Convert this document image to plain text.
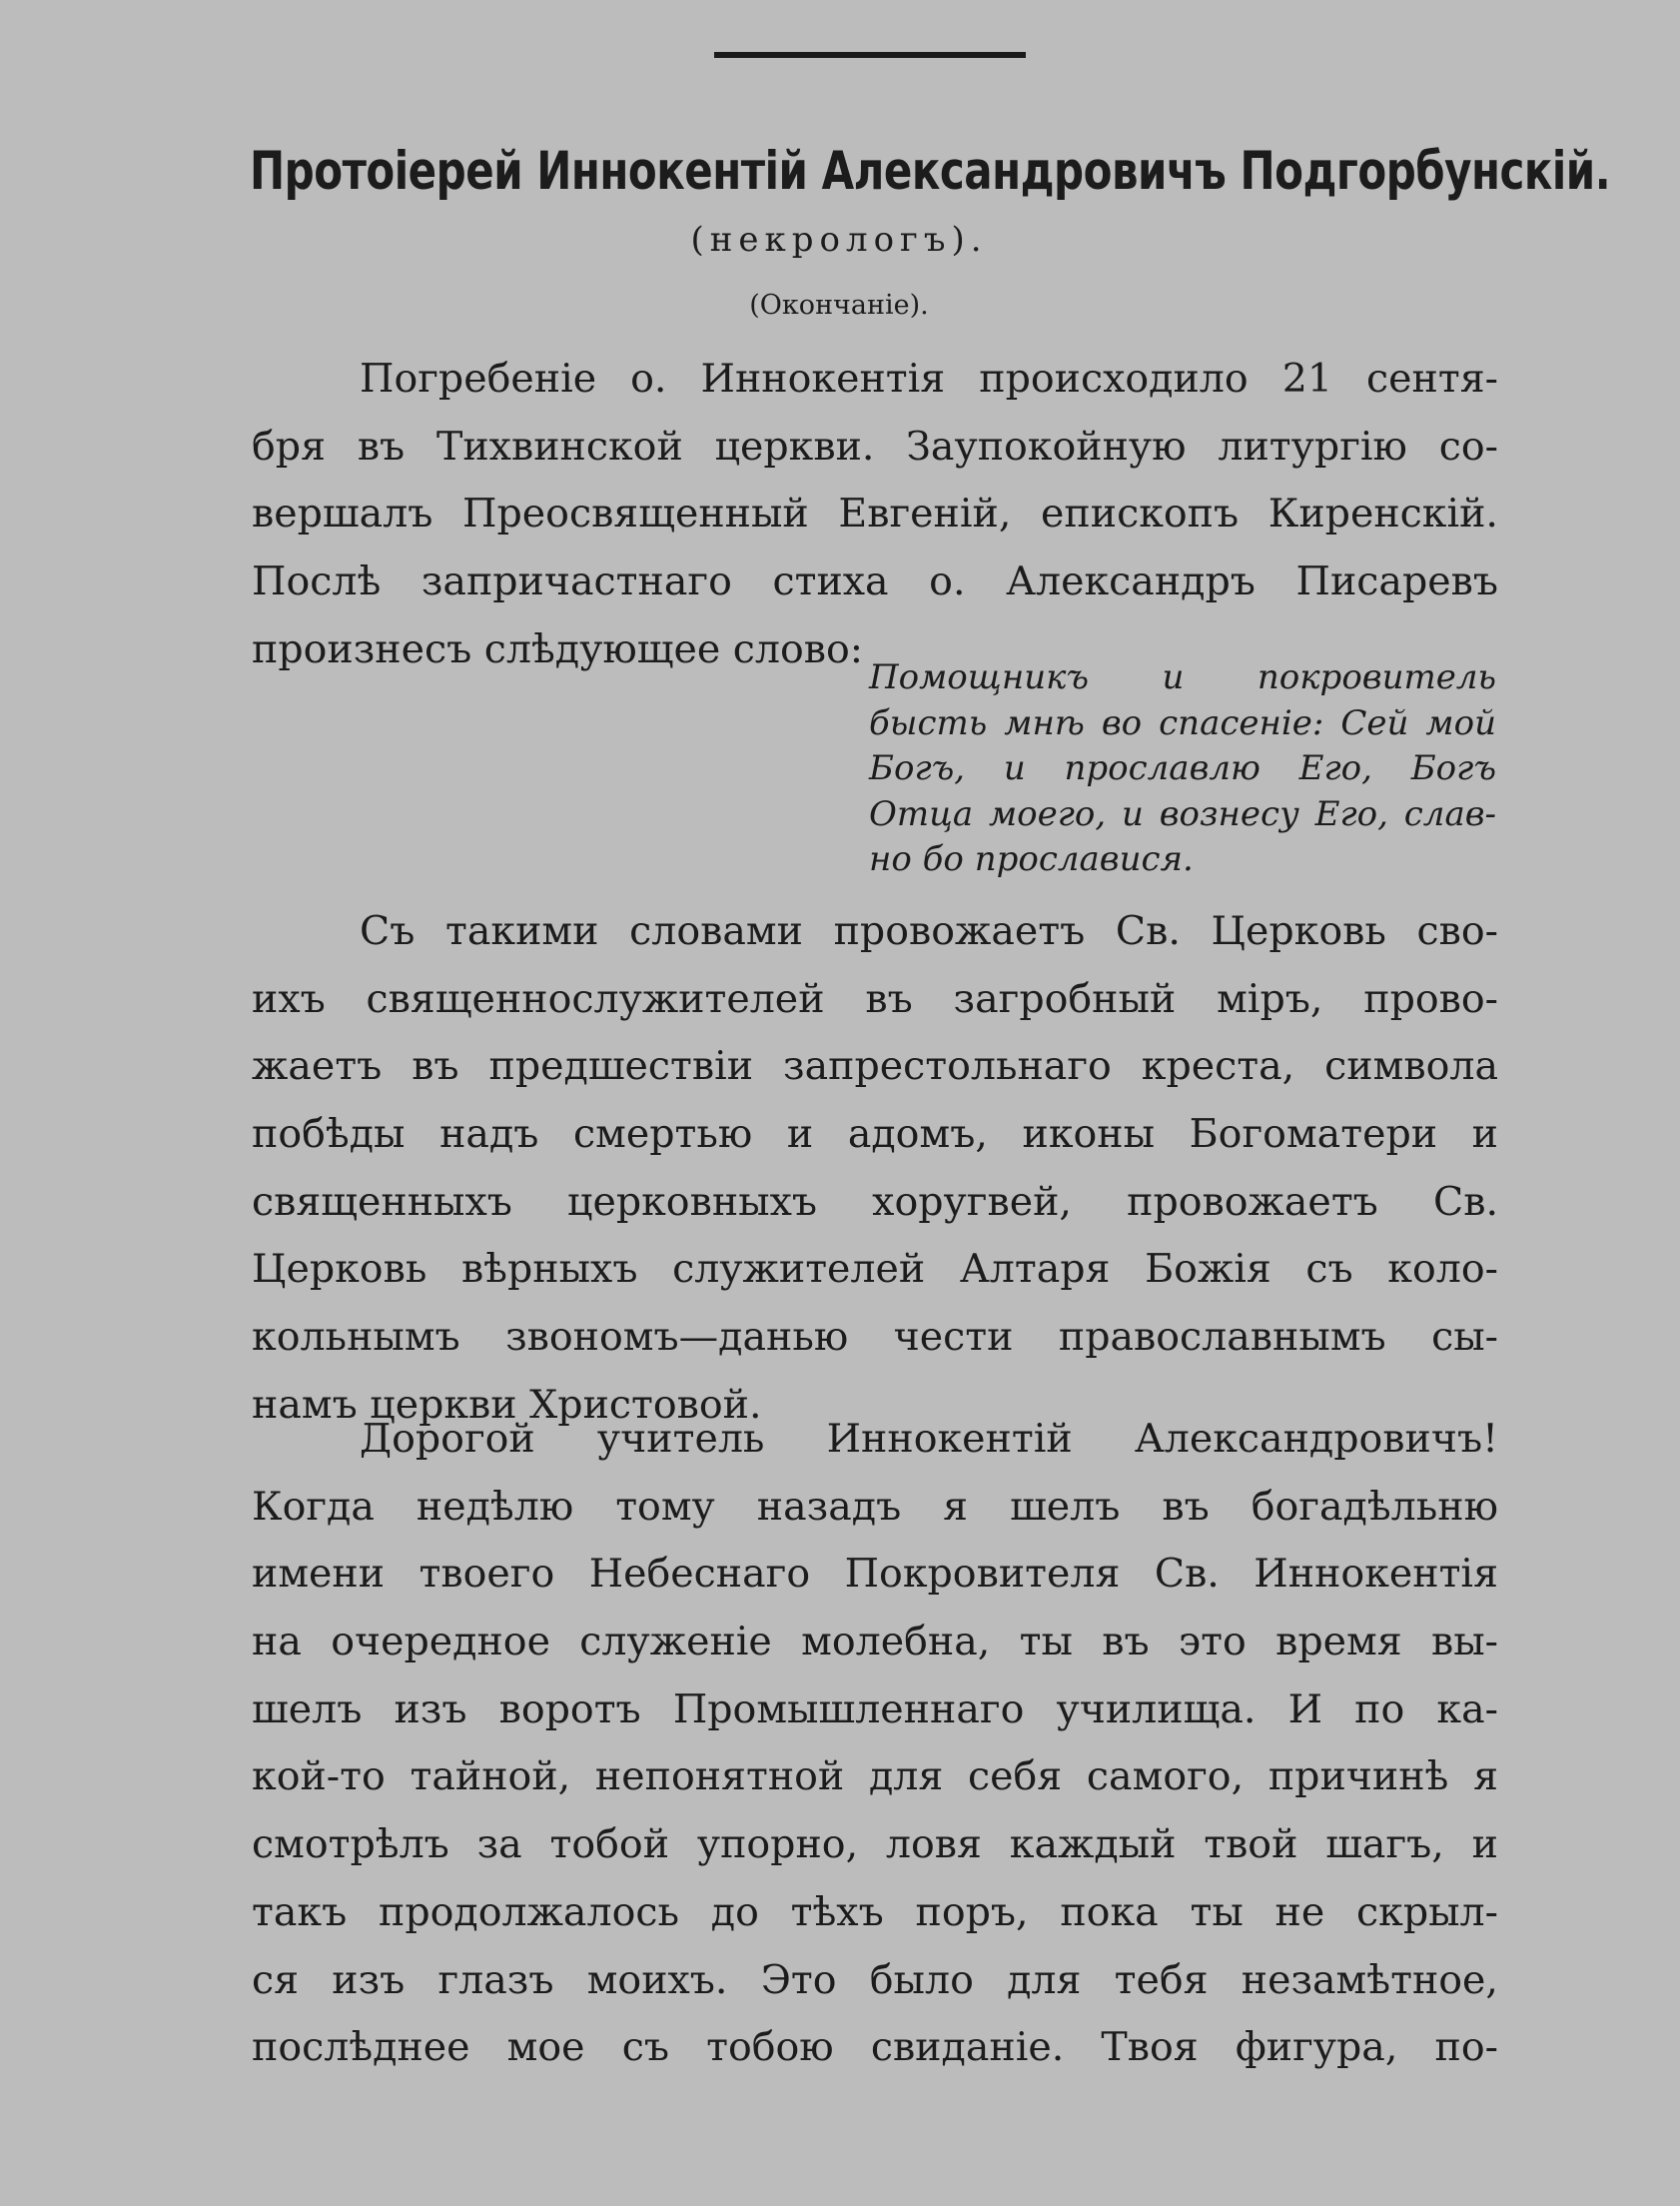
Протоіерей Иннокентій Александровичъ Подгорбунскій.
(некрологъ).
(Окончаніе).
Погребеніе о. Иннокентія происходило 21 сентя-
бря въ Тихвинской церкви. Заупокойную литургію со-
вершалъ Преосвященный Евгеній, епископъ Киренскій.
Послѣ запричастнаго стиха о. Александръ Писаревъ
произнесъ слѣдующее слово:
Помощникъ и покровитель
бысть мнѣ во спасеніе: Сей мой
Богъ, и прославлю Его, Богъ
Отца моего, и вознесу Его, слав-
но бо прославися.
Съ такими словами провожаетъ Св. Церковь сво-
ихъ священнослужителей въ загробный міръ, прово-
жаетъ въ предшествіи запрестольнаго креста, символа
побѣды надъ смертью и адомъ, иконы Богоматери и
священныхъ церковныхъ хоругвей, провожаетъ Св.
Церковь вѣрныхъ служителей Алтаря Божія съ коло-
кольнымъ звономъ—данью чести православнымъ сы-
намъ церкви Христовой.
Дорогой учитель Иннокентій Александровичъ!
Когда недѣлю тому назадъ я шелъ въ богадѣльню
имени твоего Небеснаго Покровителя Св. Иннокентія
на очередное служеніе молебна, ты въ это время вы-
шелъ изъ воротъ Промышленнаго училища. И по ка-
кой-то тайной, непонятной для себя самого, причинѣ я
смотрѣлъ за тобой упорно, ловя каждый твой шагъ, и
такъ продолжалось до тѣхъ поръ, пока ты не скрыл-
ся изъ глазъ моихъ. Это было для тебя незамѣтное,
послѣднее мое съ тобою свиданіе. Твоя фигура, по-
